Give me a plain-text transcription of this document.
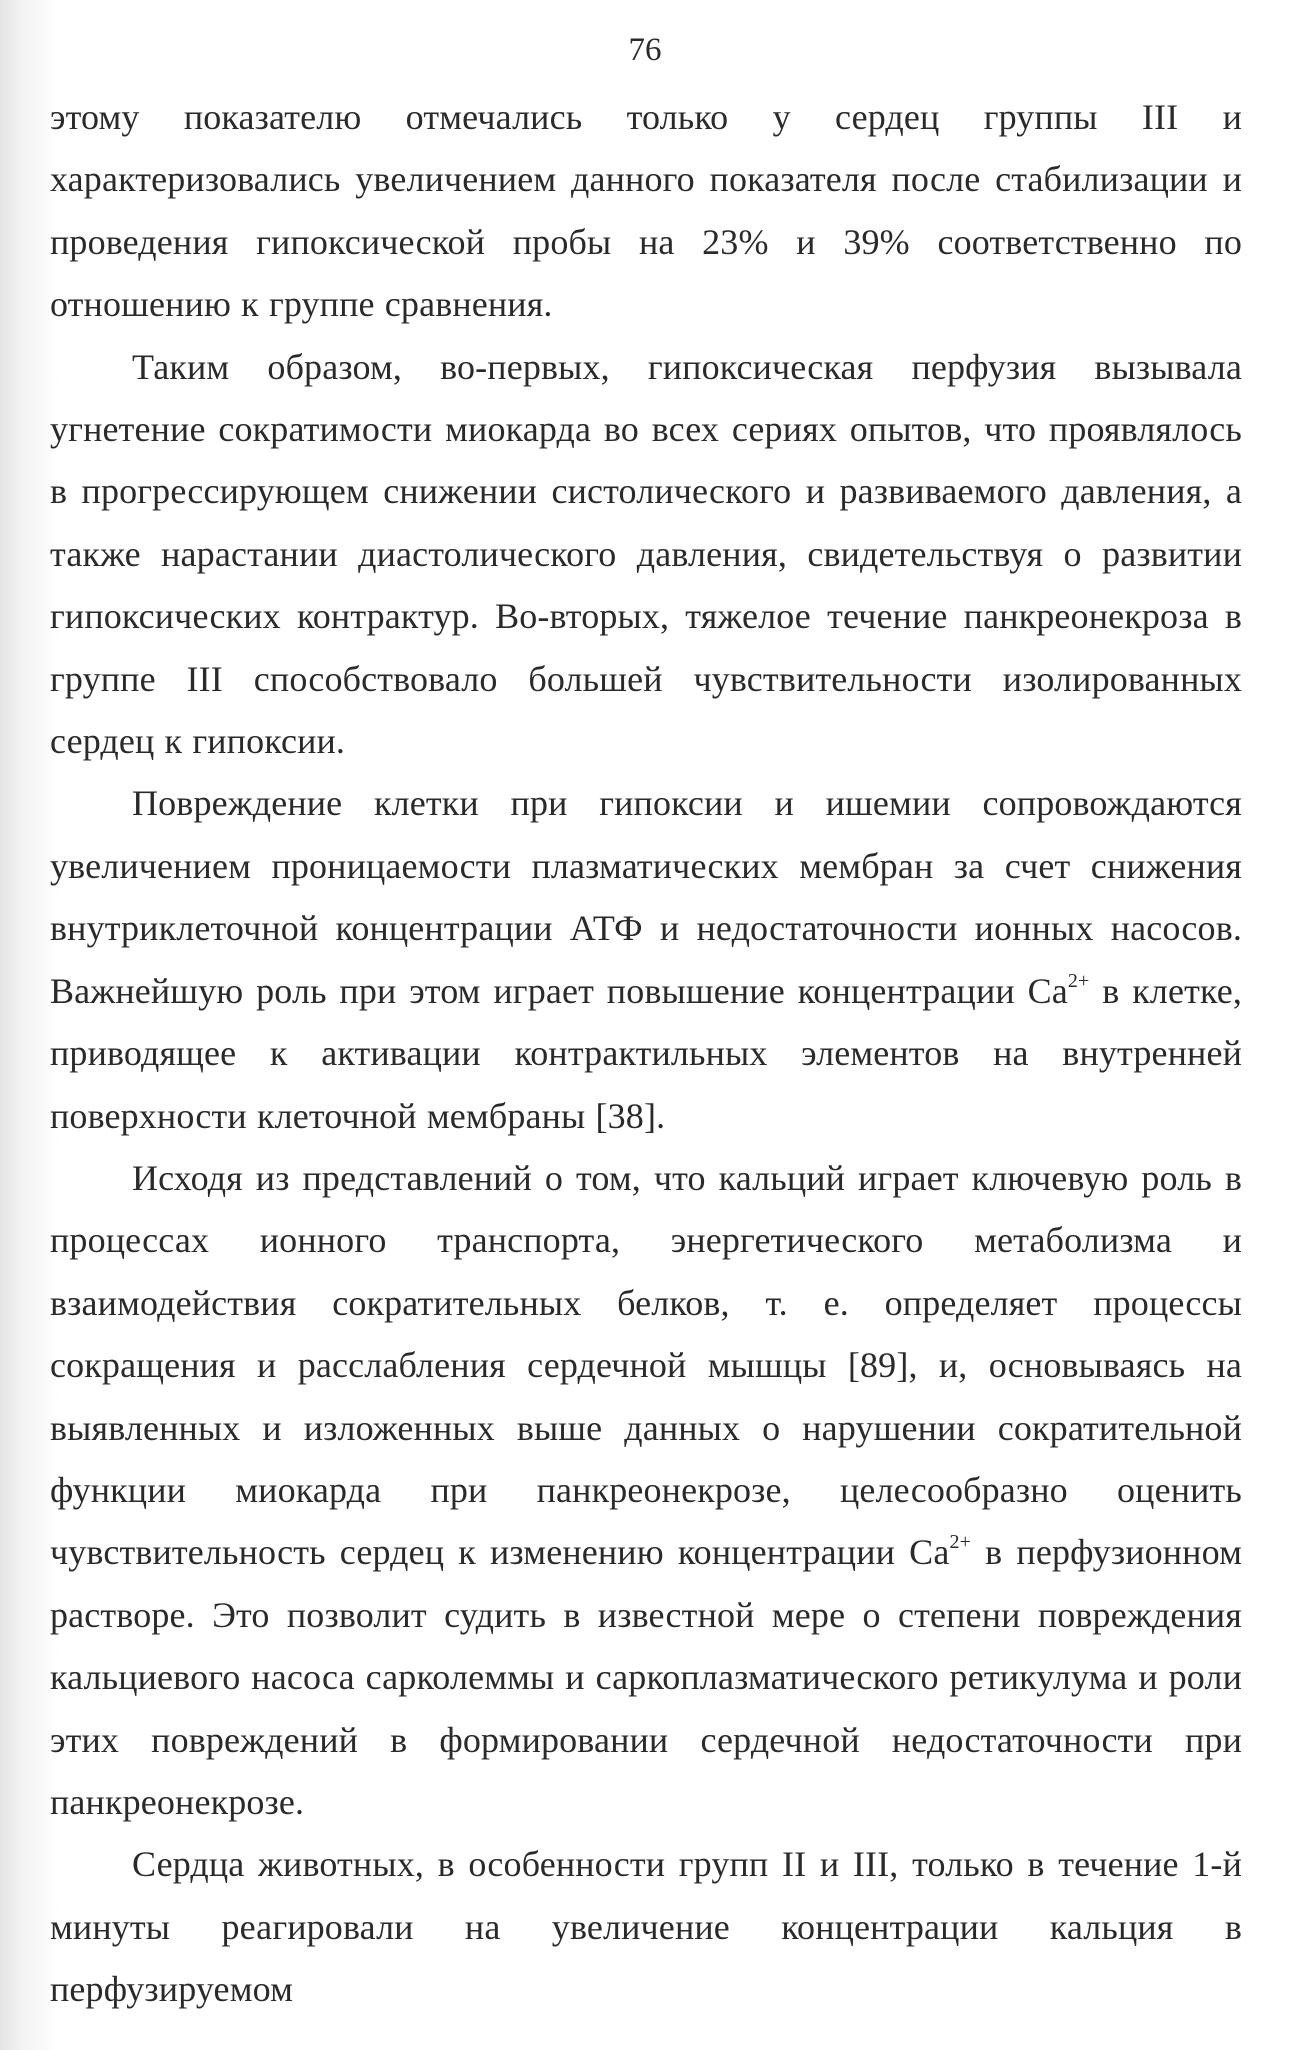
76

этому показателю отмечались только у сердец группы III и характеризовались увеличением данного показателя после стабилизации и проведения гипоксической пробы на 23% и 39% соответственно по отношению к группе сравнения.

Таким образом, во-первых, гипоксическая перфузия вызывала угнетение сократимости миокарда во всех сериях опытов, что проявлялось в прогрессирующем снижении систолического и развиваемого давления, а также нарастании диастолического давления, свидетельствуя о развитии гипоксических контрактур. Во-вторых, тяжелое течение панкреонекроза в группе III способствовало большей чувствительности изолированных сердец к гипоксии.

Повреждение клетки при гипоксии и ишемии сопровождаются увеличением проницаемости плазматических мембран за счет снижения внутриклеточной концентрации АТФ и недостаточности ионных насосов. Важнейшую роль при этом играет повышение концентрации $Ca^{2+}$ в клетке, приводящее к активации контрактильных элементов на внутренней поверхности клеточной мембраны [38].

Исходя из представлений о том, что кальций играет ключевую роль в процессах ионного транспорта, энергетического метаболизма и взаимодействия сократительных белков, т. е. определяет процессы сокращения и расслабления сердечной мышцы [89], и, основываясь на выявленных и изложенных выше данных о нарушении сократительной функции миокарда при панкреонекрозе, целесообразно оценить чувствительность сердец к изменению концентрации $Ca^{2+}$ в перфузионном растворе. Это позволит судить в известной мере о степени повреждения кальциевого насоса сарколеммы и саркоплазматического ретикулума и роли этих повреждений в формировании сердечной недостаточности при панкреонекрозе.

Сердца животных, в особенности групп II и III, только в течение 1-й минуты реагировали на увеличение концентрации кальция в перфузируемом
